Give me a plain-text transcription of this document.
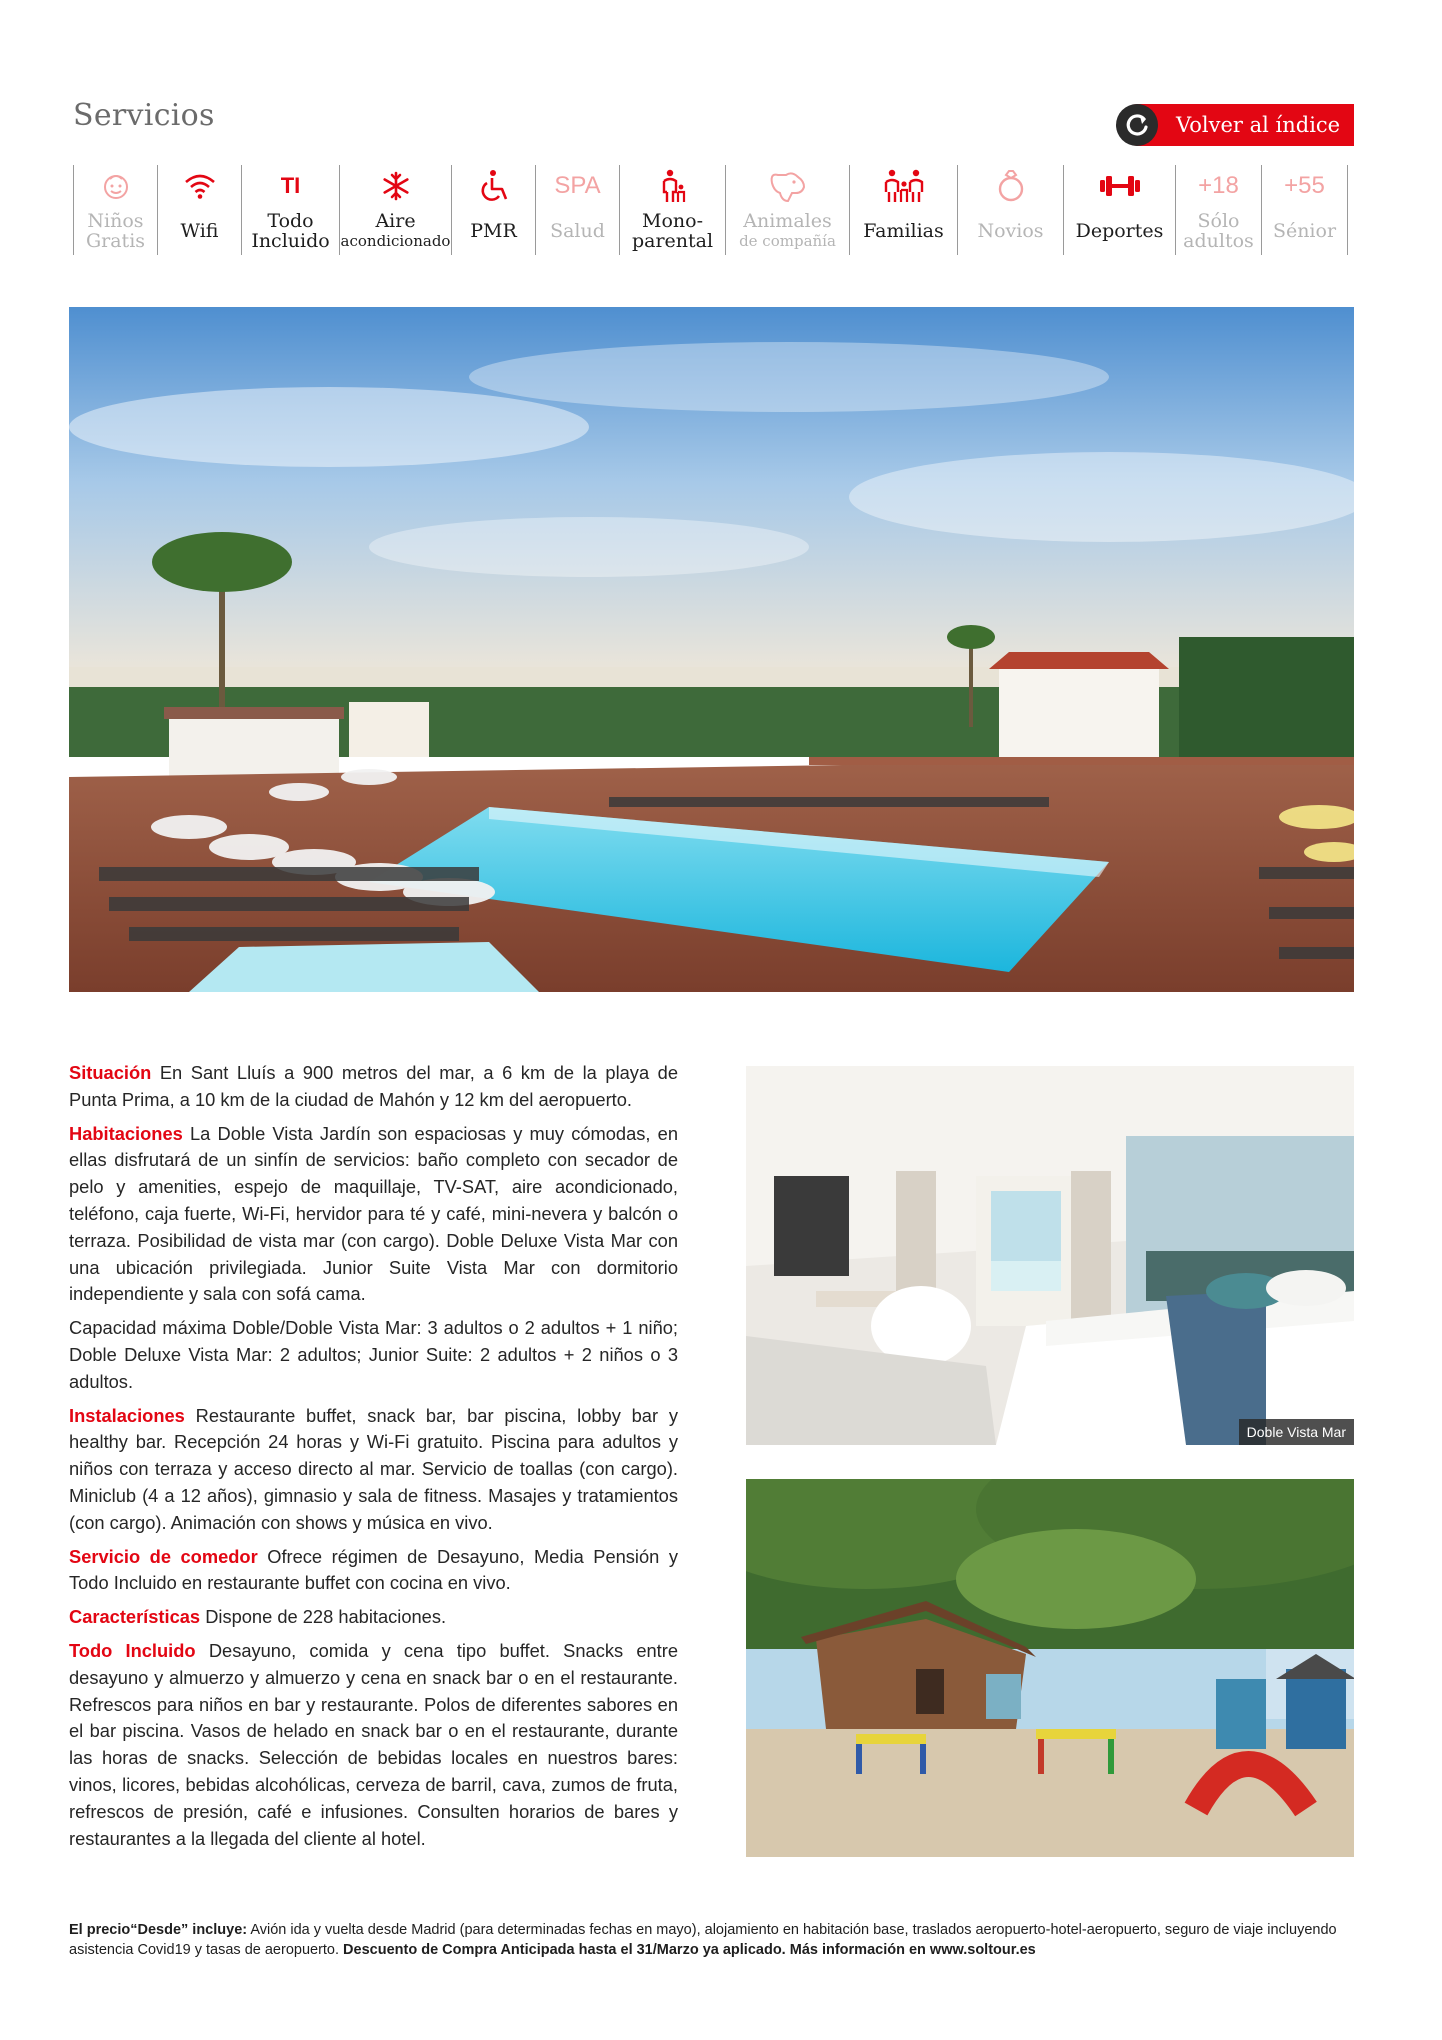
Servicios	Volver al índice
Niños
Gratis Wifi
TI
Todo
Incluido
Aire
acondicionado PMR
SPA
Salud	Mono-
parental
Animales
de compañía Familias Novios Deportes
+18
Sólo
adultos
+55
Sénior

Situación En Sant Lluís a 900 metros del mar, a 6 km de la playa de Punta Prima, a 10 km de la ciudad de Mahón y 12 km del aeropuerto.

Habitaciones La Doble Vista Jardín son espaciosas y muy cómodas, en ellas disfrutará de un sinfín de servicios: baño completo con secador de pelo y amenities, espejo de maquillaje, TV-SAT, aire acondicionado, teléfono, caja fuerte, Wi-Fi, hervidor para té y café, mini-nevera y balcón o terraza. Posibilidad de vista mar (con cargo). Doble Deluxe Vista Mar con una ubicación privilegiada. Junior Suite Vista Mar con dormitorio independiente y sala con sofá cama.

Capacidad máxima Doble/Doble Vista Mar: 3 adultos o 2 adultos + 1 niño; Doble Deluxe Vista Mar: 2 adultos; Junior Suite: 2 adultos + 2 niños o 3 adultos.

Instalaciones Restaurante buffet, snack bar, bar piscina, lobby bar y healthy bar. Recepción 24 horas y Wi-Fi gratuito. Piscina para adultos y niños con terraza y acceso directo al mar. Servicio de toallas (con cargo). Miniclub (4 a 12 años), gimnasio y sala de fitness. Masajes y tratamientos (con cargo). Animación con shows y música en vivo.

Servicio de comedor Ofrece régimen de Desayuno, Media Pensión y Todo Incluido en restaurante buffet con cocina en vivo.

Características Dispone de 228 habitaciones.

Todo Incluido Desayuno, comida y cena tipo buffet. Snacks entre desayuno y almuerzo y almuerzo y cena en snack bar o en el restaurante. Refrescos para niños en bar y restaurante. Polos de diferentes sabores en el bar piscina. Vasos de helado en snack bar o en el restaurante, durante las horas de snacks. Selección de bebidas locales en nuestros bares: vinos, licores, bebidas alcohólicas, cerveza de barril, cava, zumos de fruta, refrescos de presión, café e infusiones. Consulten horarios de bares y restaurantes a la llegada del cliente al hotel.

Doble Vista Mar
El precio“Desde” incluye: Avión ida y vuelta desde Madrid (para determinadas fechas en mayo), alojamiento en habitación base, traslados aeropuerto-hotel-aeropuerto, seguro de viaje incluyendo asistencia Covid19 y tasas de aeropuerto. Descuento de Compra Anticipada hasta el 31/Marzo ya aplicado. Más información en www.soltour.es
